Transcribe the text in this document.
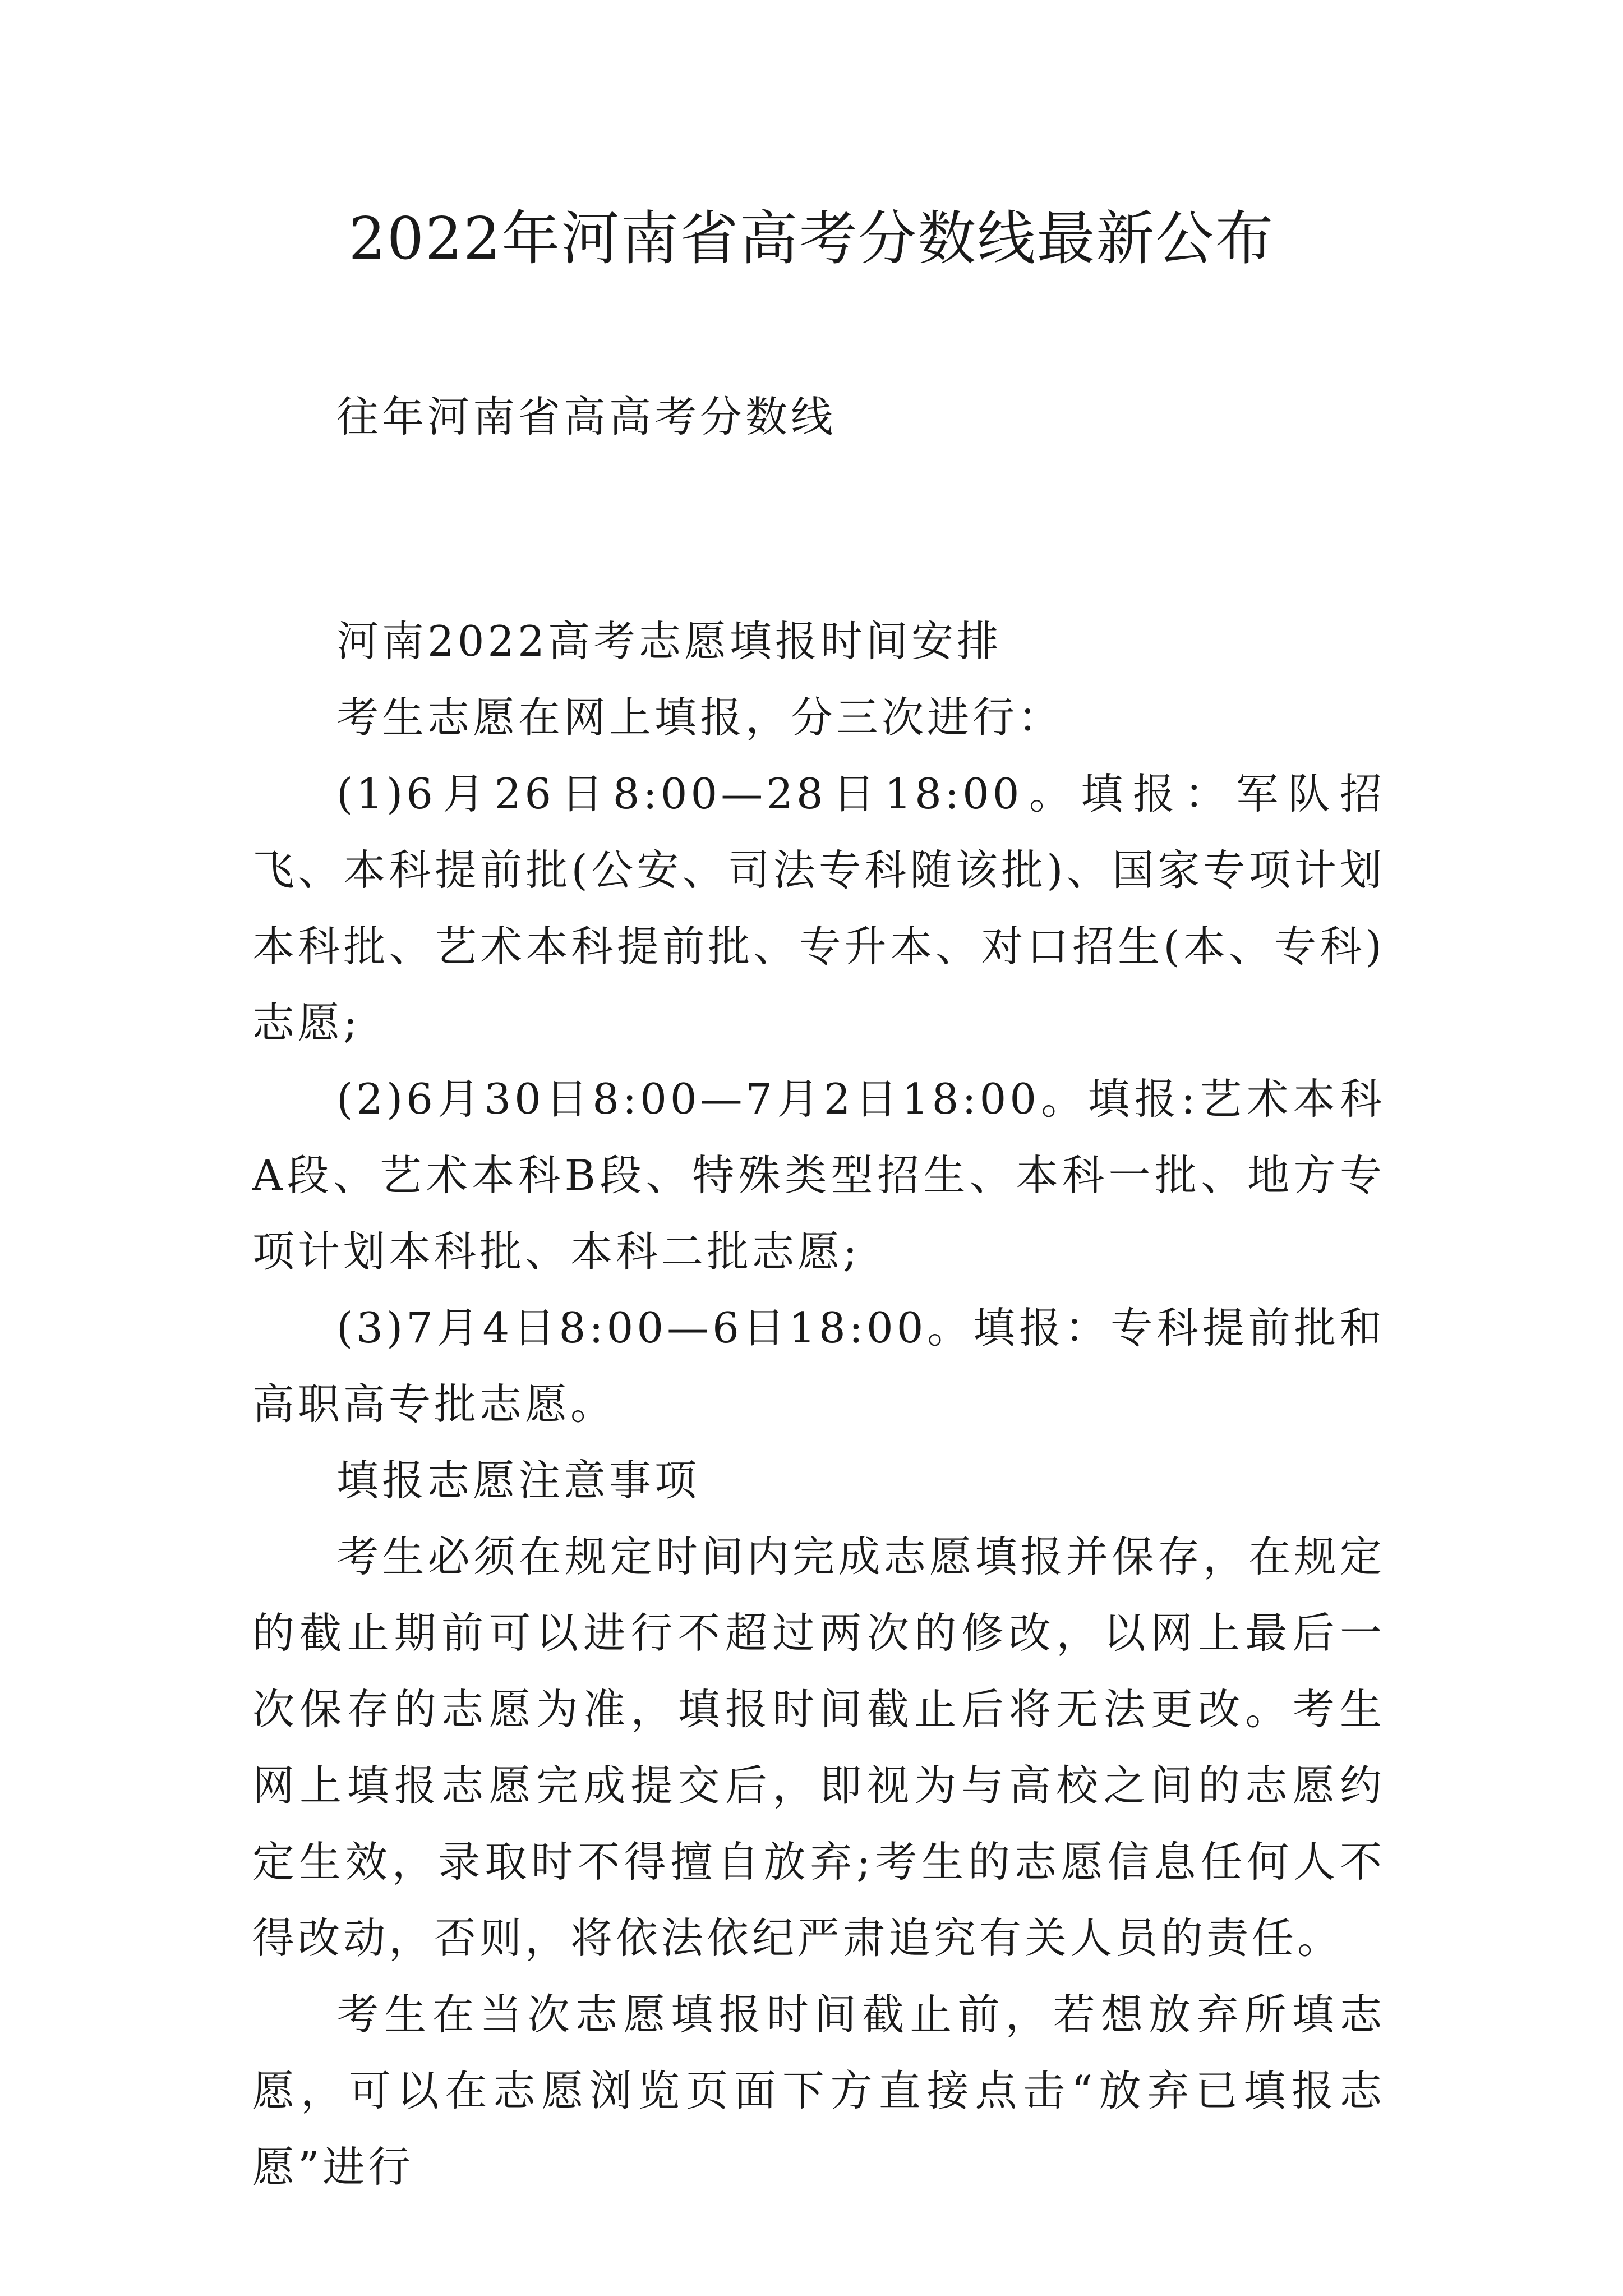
2022年河南省高考分数线最新公布

往年河南省高高考分数线

河南2022高考志愿填报时间安排

考生志愿在网上填报，分三次进行：

(1)6月26日8:00—28日18:00。填报：军队招飞、本科提前批(公安、司法专科随该批)、国家专项计划本科批、艺术本科提前批、专升本、对口招生(本、专科)志愿;

(2)6月30日8:00—7月2日18:00。填报:艺术本科A段、艺术本科B段、特殊类型招生、本科一批、地方专项计划本科批、本科二批志愿;

(3)7月4日8:00—6日18:00。填报：专科提前批和高职高专批志愿。

填报志愿注意事项

考生必须在规定时间内完成志愿填报并保存，在规定的截止期前可以进行不超过两次的修改，以网上最后一次保存的志愿为准，填报时间截止后将无法更改。考生网上填报志愿完成提交后，即视为与高校之间的志愿约定生效，录取时不得擅自放弃;考生的志愿信息任何人不得改动，否则，将依法依纪严肃追究有关人员的责任。

考生在当次志愿填报时间截止前，若想放弃所填志愿，可以在志愿浏览页面下方直接点击“放弃已填报志愿”进行
